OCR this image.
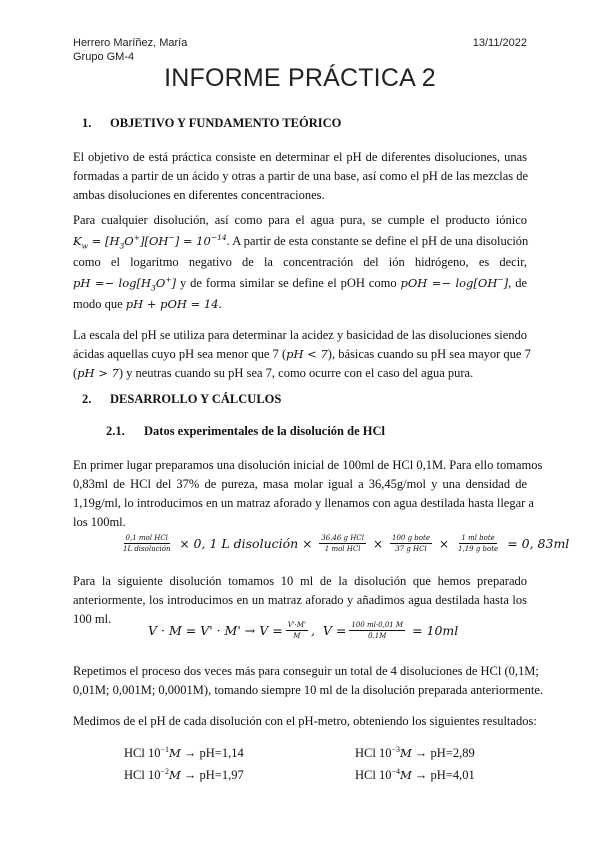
Herrero Maríñez, María
Grupo GM-4
13/11/2022
INFORME PRÁCTICA 2
1. OBJETIVO Y FUNDAMENTO TEÓRICO
El objetivo de está práctica consiste en determinar el pH de diferentes disoluciones, unas
formadas a partir de un ácido y otras a partir de una base, así como el pH de las mezclas de
ambas disoluciones en diferentes concentraciones.
Para cualquier disolución, así como para el agua pura, se cumple el producto iónico
$K_w = [H_3O^+][OH^-] = 10^{-14}$. A partir de esta constante se define el pH de una disolución
como el logaritmo negativo de la concentración del ión hidrógeno, es decir,
pH =− $\log[H_3O^+]$ y de forma similar se define el pOH como pOH =− log[OH−], de
modo que pH + pOH = 14.
La escala del pH se utiliza para determinar la acidez y basicidad de las disoluciones siendo
ácidas aquellas cuyo pH sea menor que 7 (pH < 7), básicas cuando su pH sea mayor que 7
(pH > 7) y neutras cuando su pH sea 7, como ocurre con el caso del agua pura.
2. DESARROLLO Y CÁLCULOS
2.1. Datos experimentales de la disolución de HCl
En primer lugar preparamos una disolución inicial de 100ml de HCl 0,1M. Para ello tomamos
0,83ml de HCl del 37% de pureza, masa molar igual a 36,45g/mol y una densidad de
1,19g/ml, lo introducimos en un matraz aforado y llenamos con agua destilada hasta llegar a
los 100ml.
$\frac{\text{0,1 mol HCl}}{\text{1L disolución}} \times 0$, 1 L disolución × $\frac{\text{36,46 g HCl}}{\text{1 mol HCl}} \times \frac{\text{100 g bote}}{\text{37 g HCl}} \times \frac{\text{1 ml bote}}{\text{1,19 g bote}} = 0$, 83ml
Para la siguiente disolución tomamos 10 ml de la disolución que hemos preparado
anteriormente, los introducimos en un matraz aforado y añadimos agua destilada hasta los
100 ml.
$V \cdot M = V' \cdot M' \to V = \frac{V'\cdot M'}{M}$ ,  $V = \frac{100 ml\cdot 0,01 M}{0,1M} = 10ml$
Repetimos el proceso dos veces más para conseguir un total de 4 disoluciones de HCl (0,1M;
0,01M; 0,001M; 0,0001M), tomando siempre 10 ml de la disolución preparada anteriormente.
Medimos de el pH de cada disolución con el pH-metro, obteniendo los siguientes resultados:
HCl $10^{-1}M \to pH=1,14$	HCl $10^{-3}M \to pH=2,89$
HCl $10^{-2}M \to pH=1,97$	HCl $10^{-4}M \to pH=4,01$
